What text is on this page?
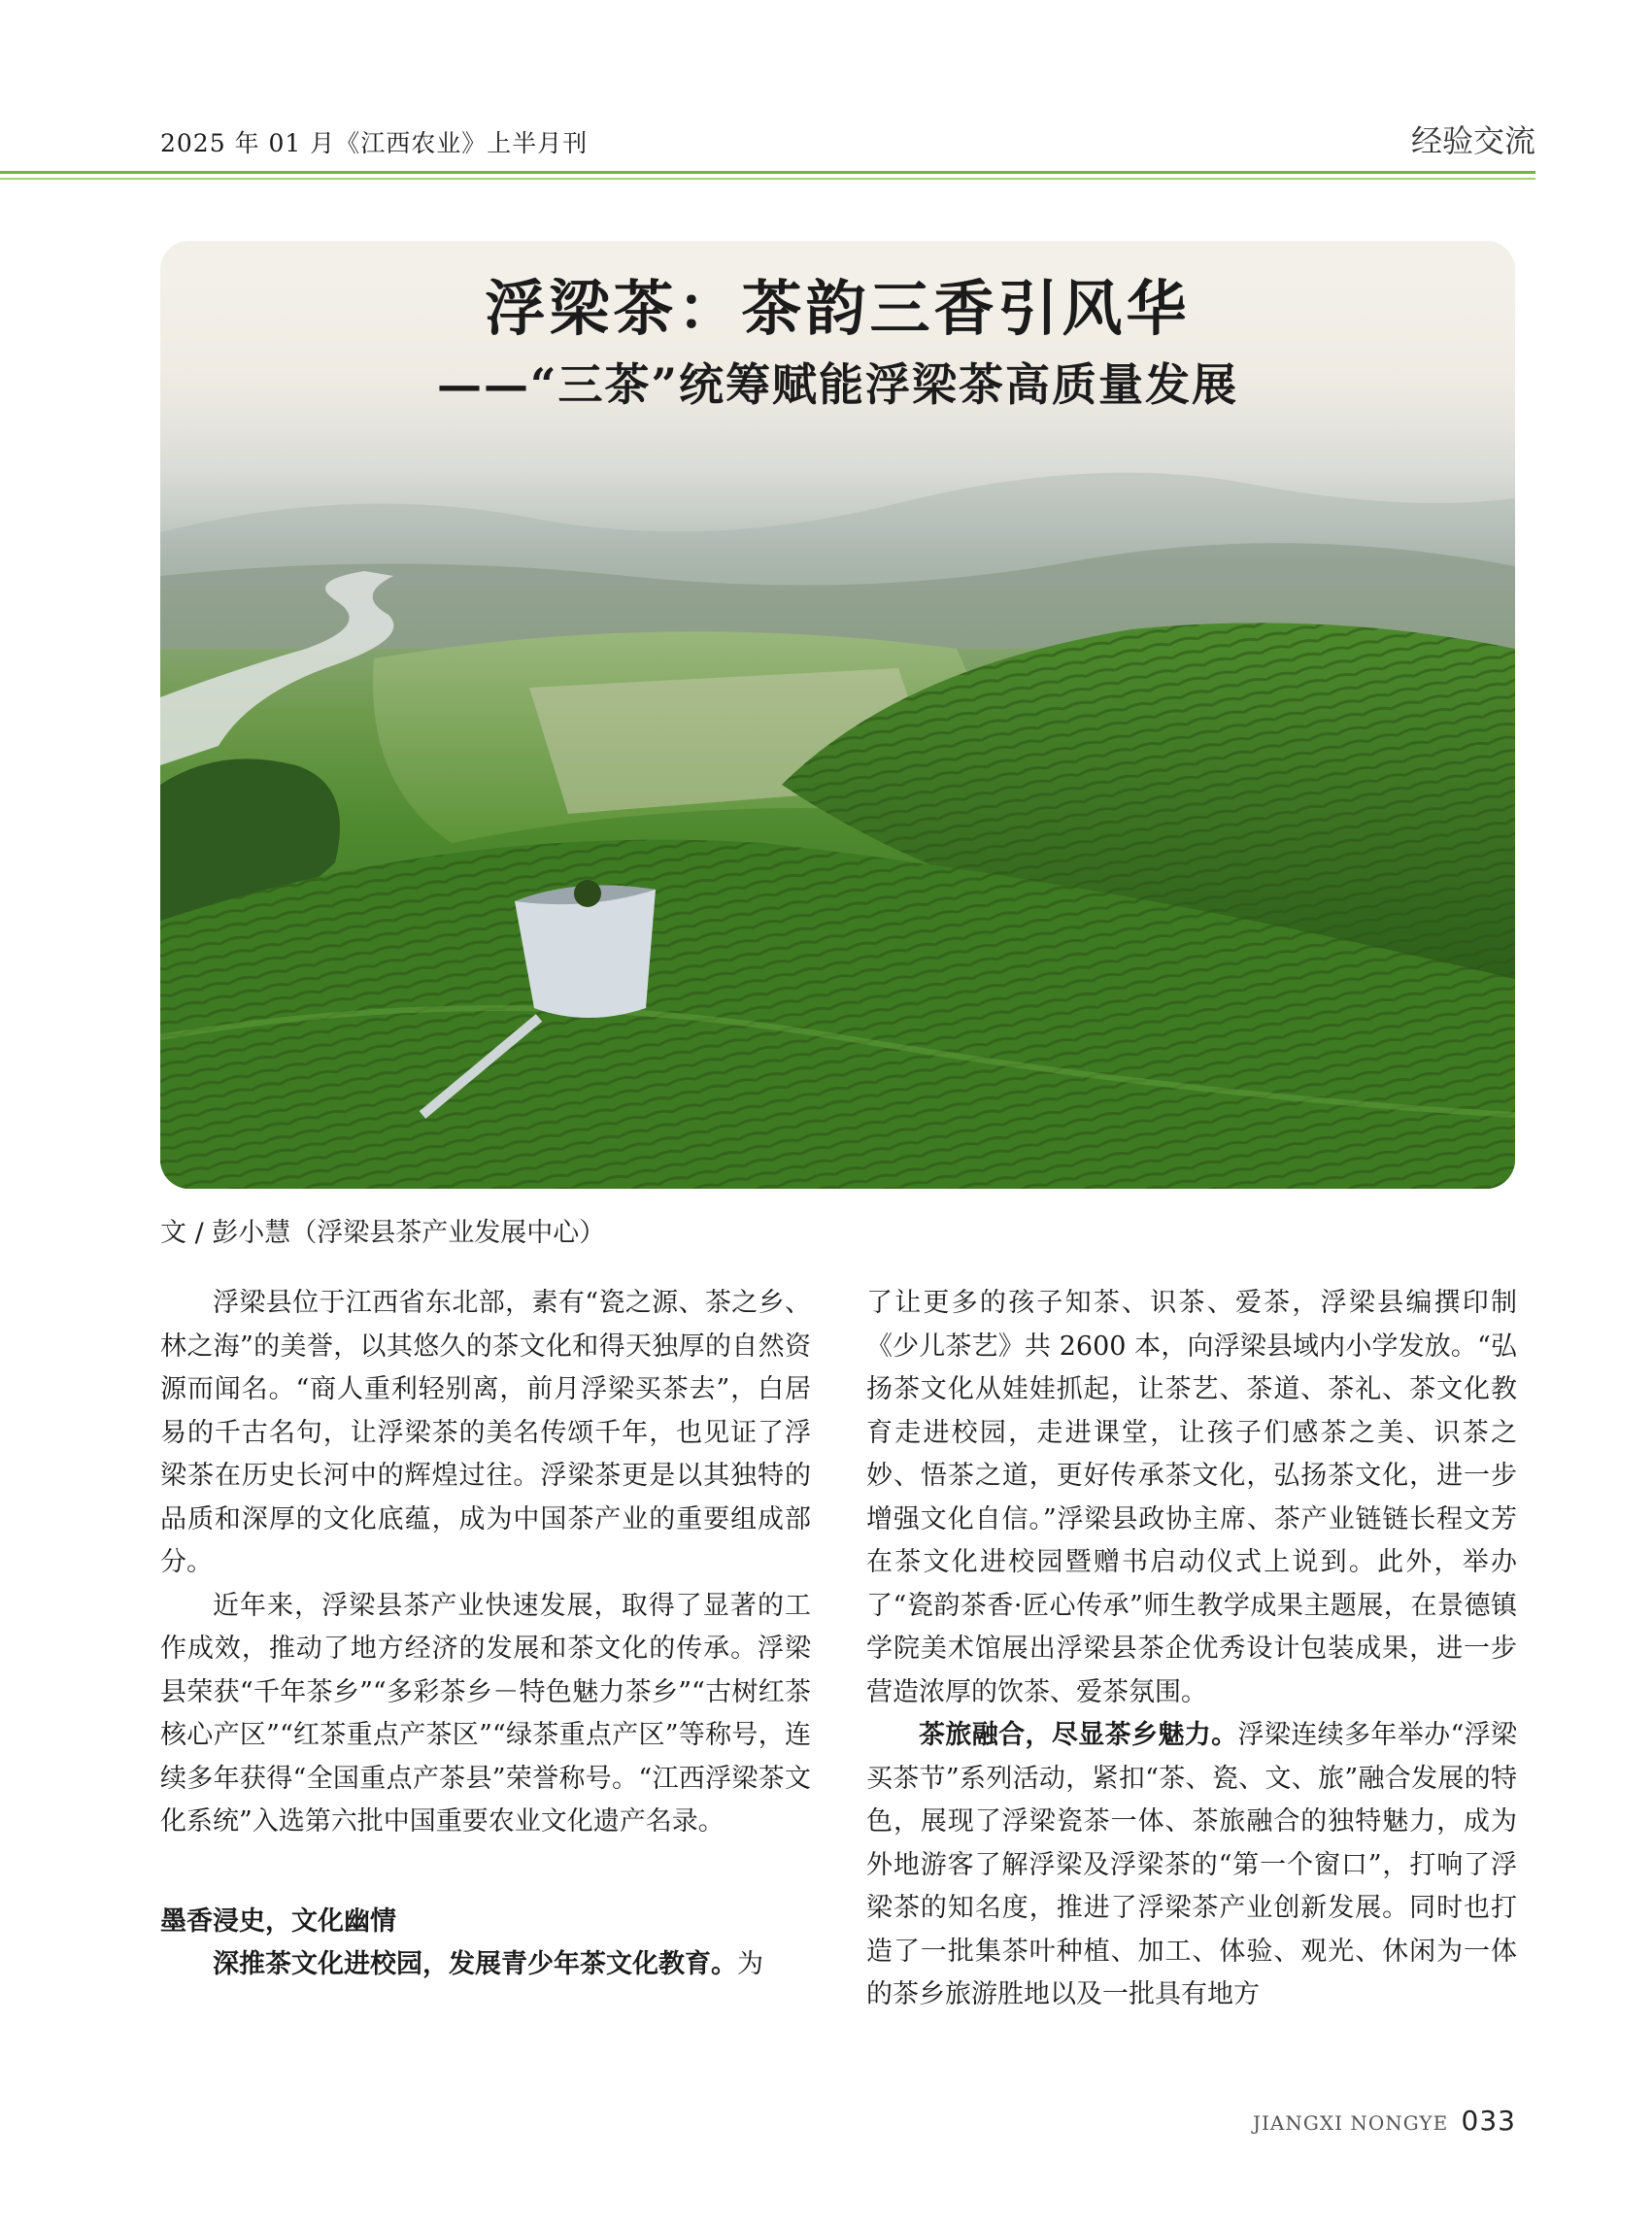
2025 年 01 月《江西农业》上半月刊	经验交流
浮梁茶：茶韵三香引风华
——“三茶”统筹赋能浮梁茶高质量发展
文 / 彭小慧（浮梁县茶产业发展中心）

浮梁县位于江西省东北部，素有“瓷之源、茶之乡、林之海”的美誉，以其悠久的茶文化和得天独厚的自然资源而闻名。“商人重利轻别离，前月浮梁买茶去”，白居易的千古名句，让浮梁茶的美名传颂千年，也见证了浮梁茶在历史长河中的辉煌过往。浮梁茶更是以其独特的品质和深厚的文化底蕴，成为中国茶产业的重要组成部分。

近年来，浮梁县茶产业快速发展，取得了显著的工作成效，推动了地方经济的发展和茶文化的传承。浮梁县荣获“千年茶乡”“多彩茶乡－特色魅力茶乡”“古树红茶核心产区”“红茶重点产茶区”“绿茶重点产区”等称号，连续多年获得“全国重点产茶县”荣誉称号。“江西浮梁茶文化系统”入选第六批中国重要农业文化遗产名录。

墨香浸史，文化幽情

深推茶文化进校园，发展青少年茶文化教育。为

了让更多的孩子知茶、识茶、爱茶，浮梁县编撰印制《少儿茶艺》共 2600 本，向浮梁县域内小学发放。“弘扬茶文化从娃娃抓起，让茶艺、茶道、茶礼、茶文化教育走进校园，走进课堂，让孩子们感茶之美、识茶之妙、悟茶之道，更好传承茶文化，弘扬茶文化，进一步增强文化自信。”浮梁县政协主席、茶产业链链长程文芳在茶文化进校园暨赠书启动仪式上说到。此外，举办了“瓷韵茶香·匠心传承”师生教学成果主题展，在景德镇学院美术馆展出浮梁县茶企优秀设计包装成果，进一步营造浓厚的饮茶、爱茶氛围。

茶旅融合，尽显茶乡魅力。浮梁连续多年举办“浮梁买茶节”系列活动，紧扣“茶、瓷、文、旅”融合发展的特色，展现了浮梁瓷茶一体、茶旅融合的独特魅力，成为外地游客了解浮梁及浮梁茶的“第一个窗口”，打响了浮梁茶的知名度，推进了浮梁茶产业创新发展。同时也打造了一批集茶叶种植、加工、体验、观光、休闲为一体的茶乡旅游胜地以及一批具有地方

JIANGXI NONGYE 033
